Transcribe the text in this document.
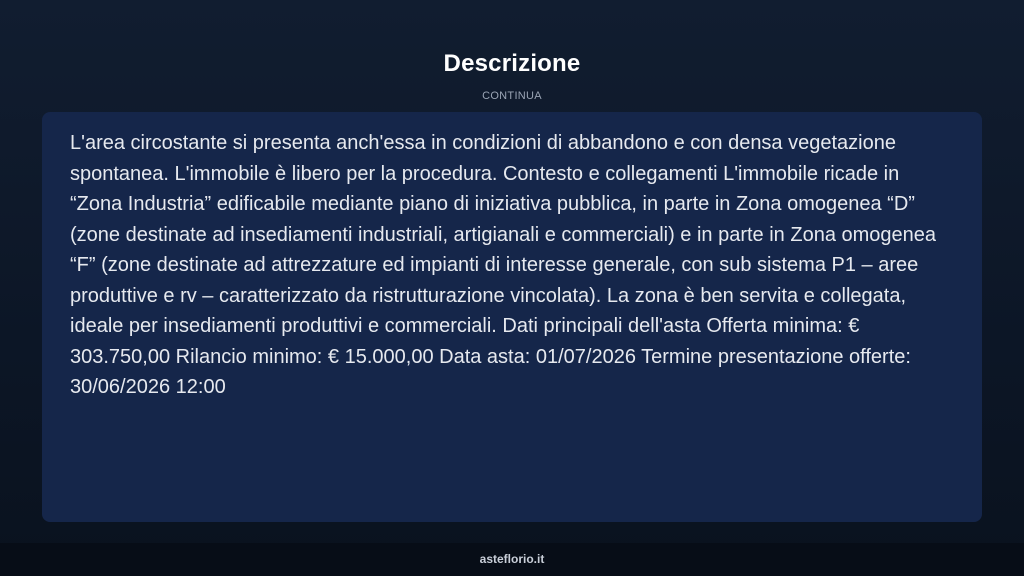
Descrizione
CONTINUA

L'area circostante si presenta anch'essa in condizioni di abbandono e con densa vegetazione spontanea. L'immobile è libero per la procedura. Contesto e collegamenti L'immobile ricade in “Zona Industria” edificabile mediante piano di iniziativa pubblica, in parte in Zona omogenea “D” (zone destinate ad insediamenti industriali, artigianali e commerciali) e in parte in Zona omogenea “F” (zone destinate ad attrezzature ed impianti di interesse generale, con sub sistema P1 – aree produttive e rv – caratterizzato da ristrutturazione vincolata). La zona è ben servita e collegata, ideale per insediamenti produttivi e commerciali. Dati principali dell'asta Offerta minima: € 303.750,00 Rilancio minimo: € 15.000,00 Data asta: 01/07/2026 Termine presentazione offerte: 30/06/2026 12:00

asteflorio.it
